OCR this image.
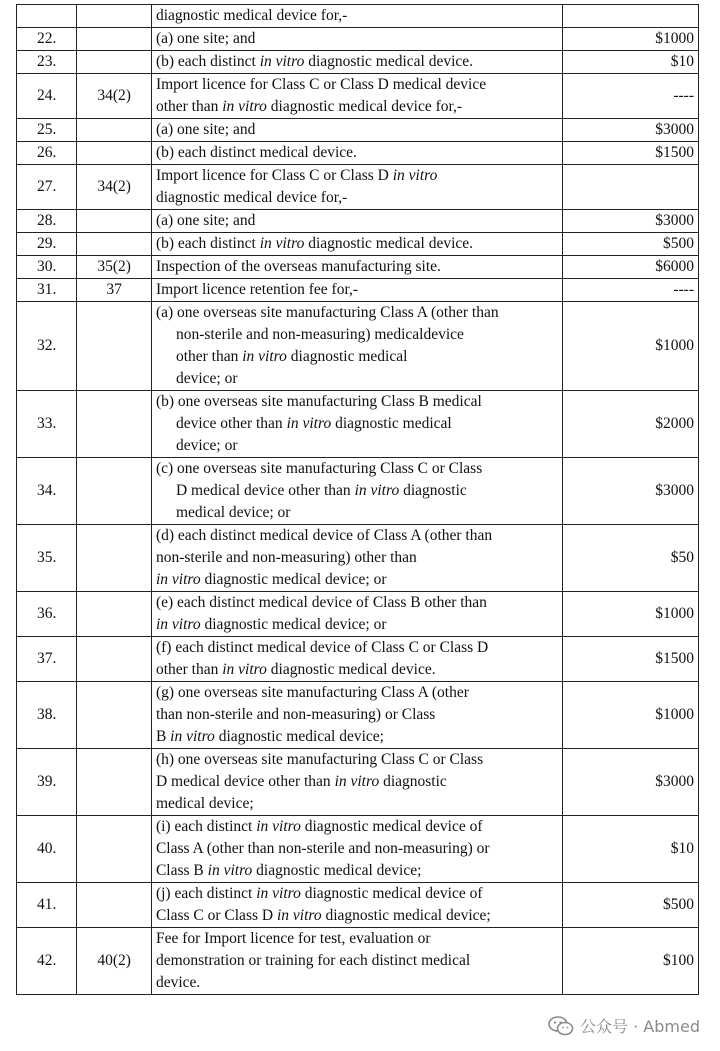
		diagnostic medical device for,-	

22.		(a) one site; and	$1000
23.		(b) each distinct in vitro diagnostic medical device.	$10
24.	34(2)	Import licence for Class C or Class D medical device
other than in vitro diagnostic medical device for,-	----
25.		(a) one site; and	$3000
26.		(b) each distinct medical device.	$1500
27.	34(2)	Import licence for Class C or Class D in vitro
diagnostic medical device for,-	

28.		(a) one site; and	$3000
29.		(b) each distinct in vitro diagnostic medical device.	$500
30.	35(2)	Inspection of the overseas manufacturing site.	$6000
31.	37	Import licence retention fee for,-	----
32.		(a) one overseas site manufacturing Class A (other than
non-sterile and non-measuring) medicaldevice
other than in vitro diagnostic medical
device; or	$1000
33.		(b) one overseas site manufacturing Class B medical
device other than in vitro diagnostic medical
device; or	$2000
34.		(c) one overseas site manufacturing Class C or Class
D medical device other than in vitro diagnostic
medical device; or	$3000
35.		(d) each distinct medical device of Class A (other than
non-sterile and non-measuring) other than
in vitro diagnostic medical device; or	$50
36.		(e) each distinct medical device of Class B other than
in vitro diagnostic medical device; or	$1000
37.		(f) each distinct medical device of Class C or Class D
other than in vitro diagnostic medical device.	$1500
38.		(g) one overseas site manufacturing Class A (other
than non-sterile and non-measuring) or Class
B in vitro diagnostic medical device;	$1000
39.		(h) one overseas site manufacturing Class C or Class
D medical device other than in vitro diagnostic
medical device;	$3000
40.		(i) each distinct in vitro diagnostic medical device of
Class A (other than non-sterile and non-measuring) or
Class B in vitro diagnostic medical device;	$10
41.		(j) each distinct in vitro diagnostic medical device of
Class C or Class D in vitro diagnostic medical device;	$500
42.	40(2)	Fee for Import licence for test, evaluation or
demonstration or training for each distinct medical
device.	$100
公众号 · Abmed
